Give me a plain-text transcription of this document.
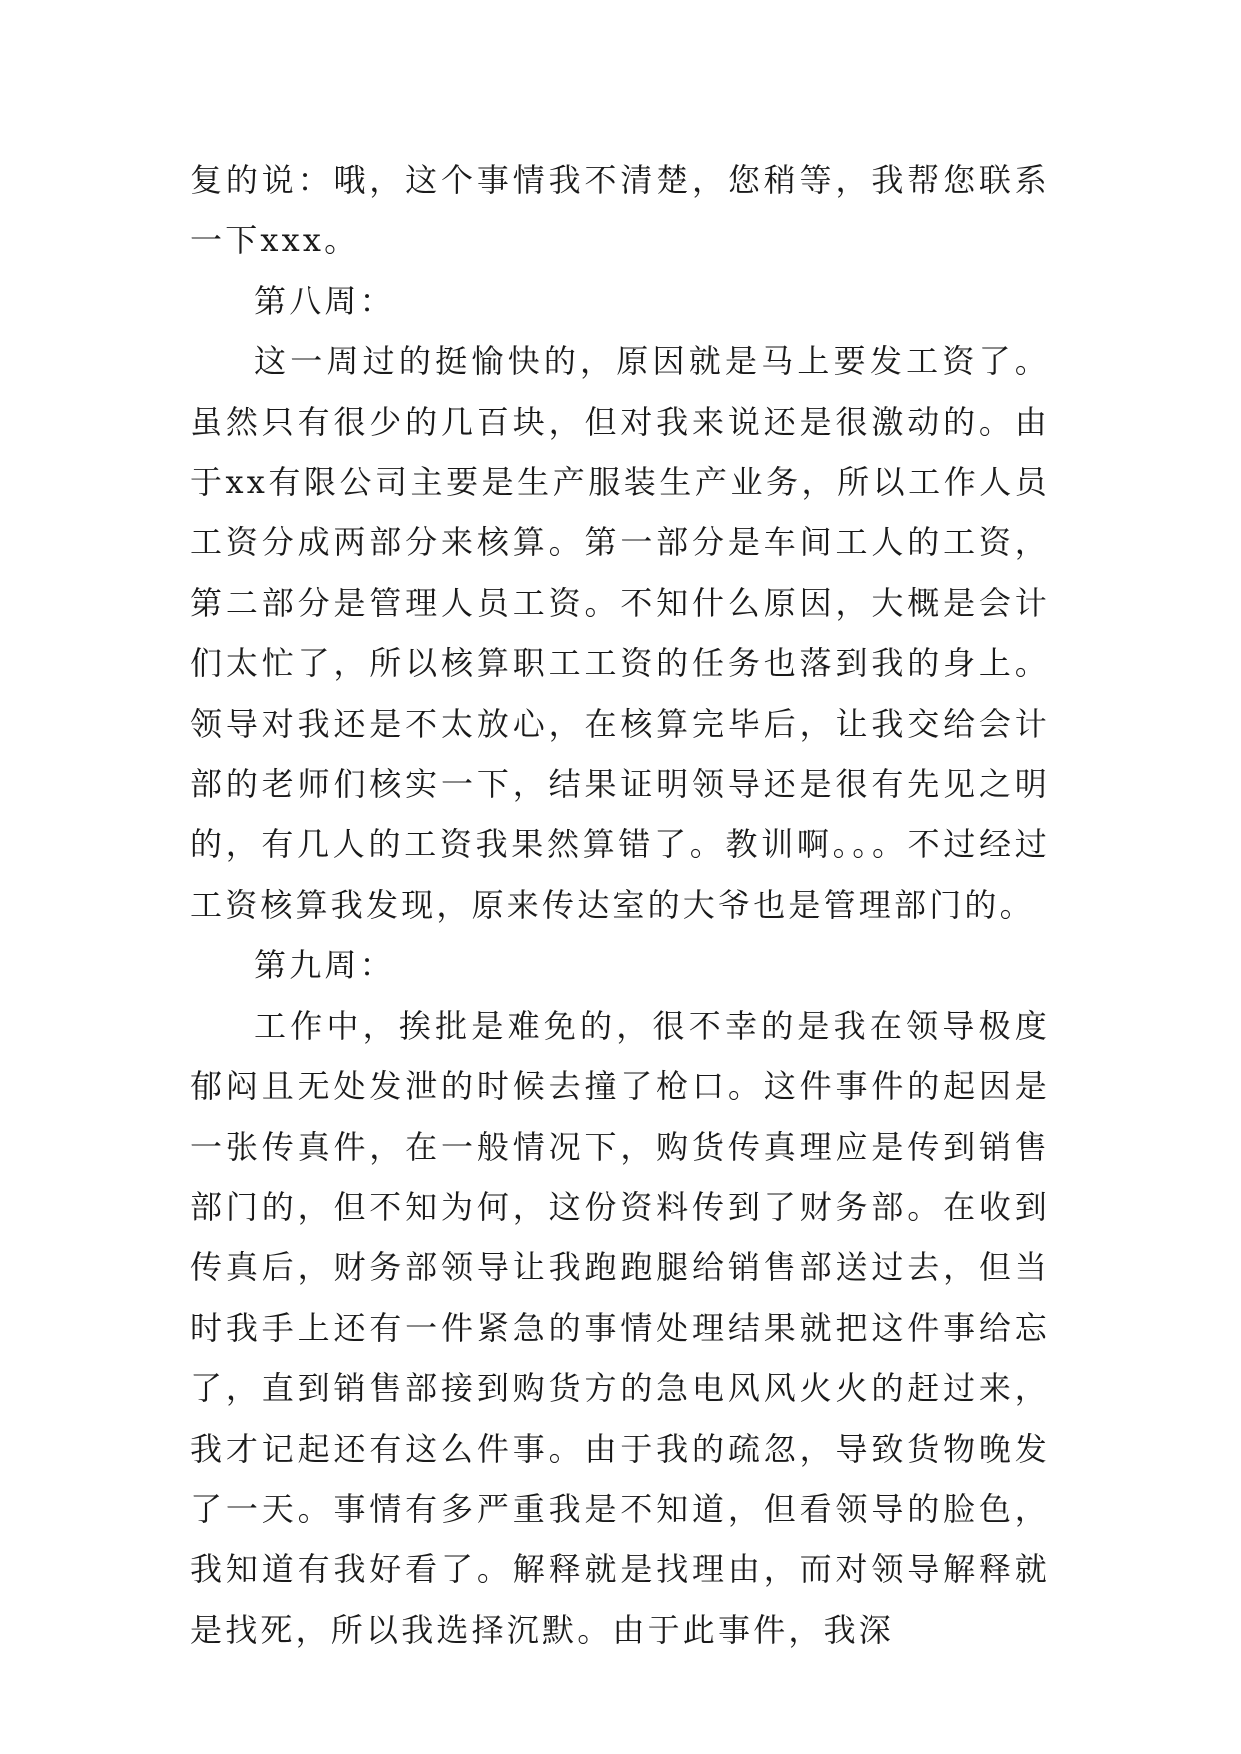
复的说：哦，这个事情我不清楚，您稍等，我帮您联系一下xxx。

第八周：

这一周过的挺愉快的，原因就是马上要发工资了。虽然只有很少的几百块，但对我来说还是很激动的。由于xx有限公司主要是生产服装生产业务，所以工作人员工资分成两部分来核算。第一部分是车间工人的工资，第二部分是管理人员工资。不知什么原因，大概是会计们太忙了，所以核算职工工资的任务也落到我的身上。领导对我还是不太放心，在核算完毕后，让我交给会计部的老师们核实一下，结果证明领导还是很有先见之明的，有几人的工资我果然算错了。教训啊。。。不过经过工资核算我发现，原来传达室的大爷也是管理部门的。

第九周：

工作中，挨批是难免的，很不幸的是我在领导极度郁闷且无处发泄的时候去撞了枪口。这件事件的起因是一张传真件，在一般情况下，购货传真理应是传到销售部门的，但不知为何，这份资料传到了财务部。在收到传真后，财务部领导让我跑跑腿给销售部送过去，但当时我手上还有一件紧急的事情处理结果就把这件事给忘了，直到销售部接到购货方的急电风风火火的赶过来，我才记起还有这么件事。由于我的疏忽，导致货物晚发了一天。事情有多严重我是不知道，但看领导的脸色，我知道有我好看了。解释就是找理由，而对领导解释就是找死，所以我选择沉默。由于此事件，我深
